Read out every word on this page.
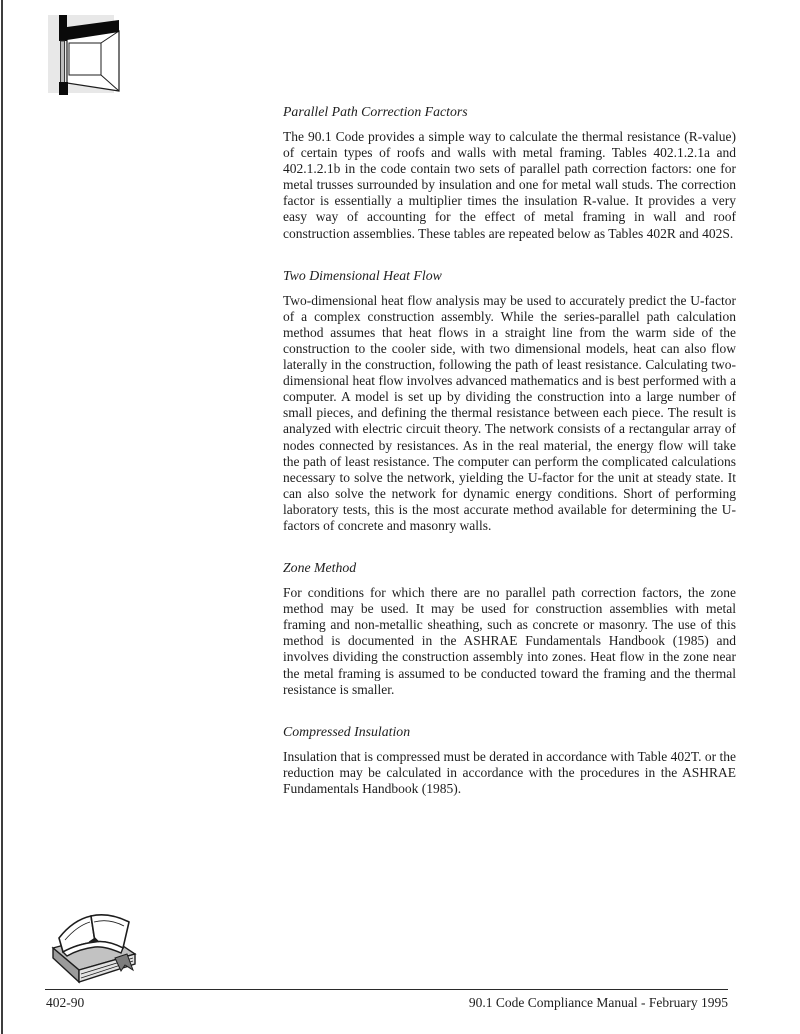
Parallel Path Correction Factors

The 90.1 Code provides a simple way to calculate the thermal resistance (R-value) of certain types of roofs and walls with metal framing. Tables 402.1.2.1a and 402.1.2.1b in the code contain two sets of parallel path correction factors: one for metal trusses surrounded by insulation and one for metal wall studs. The correction factor is essentially a multiplier times the insulation R-value. It provides a very easy way of accounting for the effect of metal framing in wall and roof construction assemblies. These tables are repeated below as Tables 402R and 402S.

Two Dimensional Heat Flow

Two-dimensional heat flow analysis may be used to accurately predict the U-factor of a complex construction assembly. While the series-parallel path calculation method assumes that heat flows in a straight line from the warm side of the construction to the cooler side, with two dimensional models, heat can also flow laterally in the construction, following the path of least resistance. Calculating two-dimensional heat flow involves advanced mathematics and is best performed with a computer. A model is set up by dividing the construction into a large number of small pieces, and defining the thermal resistance between each piece. The result is analyzed with electric circuit theory. The network consists of a rectangular array of nodes connected by resistances. As in the real material, the energy flow will take the path of least resistance. The computer can perform the complicated calculations necessary to solve the network, yielding the U-factor for the unit at steady state. It can also solve the network for dynamic energy conditions. Short of performing laboratory tests, this is the most accurate method available for determining the U-factors of concrete and masonry walls.

Zone Method

For conditions for which there are no parallel path correction factors, the zone method may be used. It may be used for construction assemblies with metal framing and non-metallic sheathing, such as concrete or masonry. The use of this method is documented in the ASHRAE Fundamentals Handbook (1985) and involves dividing the construction assembly into zones. Heat flow in the zone near the metal framing is assumed to be conducted toward the framing and the thermal resistance is smaller.

Compressed Insulation

Insulation that is compressed must be derated in accordance with Table 402T. or the reduction may be calculated in accordance with the procedures in the ASHRAE Fundamentals Handbook (1985).

402-90	90.1 Code Compliance Manual - February 1995
